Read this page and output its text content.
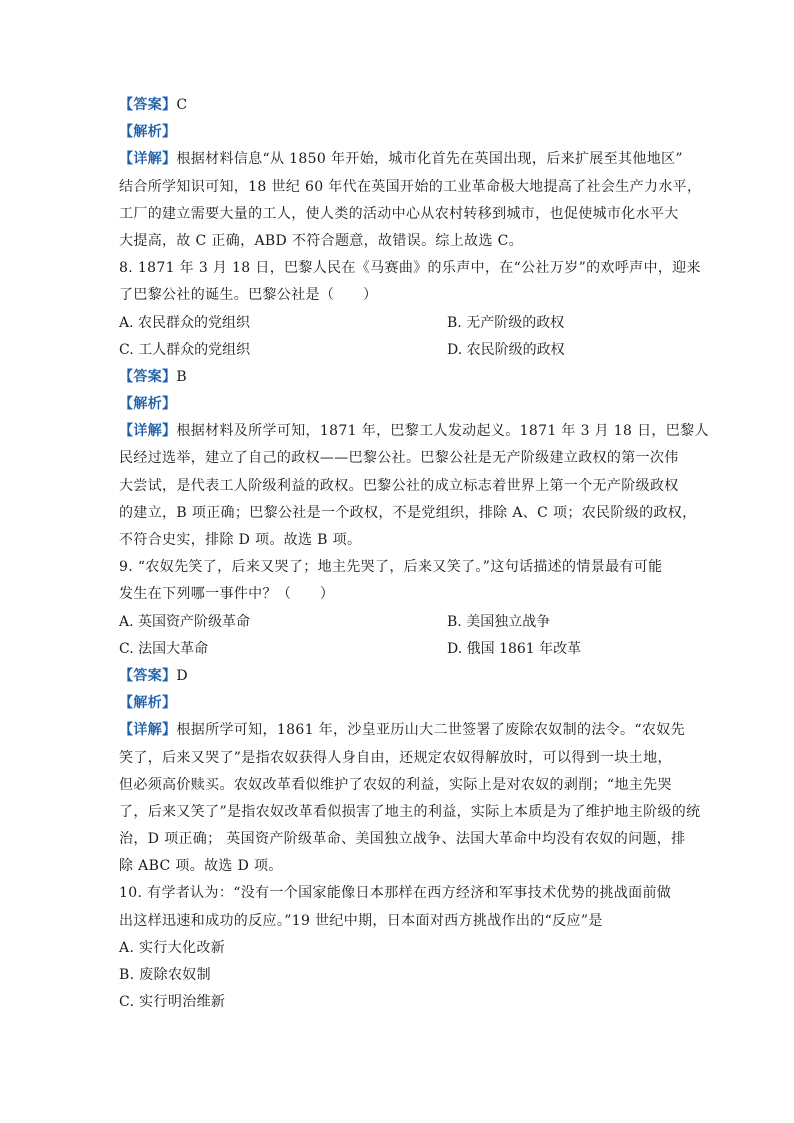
【答案】C
【解析】
【详解】根据材料信息“从 1850 年开始，城市化首先在英国出现，后来扩展至其他地区”
结合所学知识可知，18 世纪 60 年代在英国开始的工业革命极大地提高了社会生产力水平，
工厂的建立需要大量的工人，使人类的活动中心从农村转移到城市，也促使城市化水平大
大提高，故 C 正确，ABD 不符合题意，故错误。综上故选 C。
8. 1871 年 3 月 18 日，巴黎人民在《马赛曲》的乐声中，在“公社万岁”的欢呼声中，迎来
了巴黎公社的诞生。巴黎公社是（　　）
A. 农民群众的党组织	B. 无产阶级的政权
C. 工人群众的党组织	D. 农民阶级的政权
【答案】B
【解析】
【详解】根据材料及所学可知，1871 年，巴黎工人发动起义。1871 年 3 月 18 日，巴黎人
民经过选举，建立了自己的政权——巴黎公社。巴黎公社是无产阶级建立政权的第一次伟
大尝试，是代表工人阶级利益的政权。巴黎公社的成立标志着世界上第一个无产阶级政权
的建立，B 项正确；巴黎公社是一个政权，不是党组织，排除 A、C 项；农民阶级的政权，
不符合史实，排除 D 项。故选 B 项。
9. “农奴先笑了，后来又哭了；地主先哭了，后来又笑了。”这句话描述的情景最有可能
发生在下列哪一事件中？（　　）
A. 英国资产阶级革命	B. 美国独立战争
C. 法国大革命	D. 俄国 1861 年改革
【答案】D
【解析】
【详解】根据所学可知，1861 年，沙皇亚历山大二世签署了废除农奴制的法令。“农奴先
笑了，后来又哭了”是指农奴获得人身自由，还规定农奴得解放时，可以得到一块土地，
但必须高价赎买。农奴改革看似维护了农奴的利益，实际上是对农奴的剥削；“地主先哭
了，后来又笑了”是指农奴改革看似损害了地主的利益，实际上本质是为了维护地主阶级的统
治，D 项正确； 英国资产阶级革命、美国独立战争、法国大革命中均没有农奴的问题，排
除 ABC 项。故选 D 项。
10. 有学者认为：“没有一个国家能像日本那样在西方经济和军事技术优势的挑战面前做
出这样迅速和成功的反应。”19 世纪中期，日本面对西方挑战作出的“反应”是
A. 实行大化改新
B. 废除农奴制
C. 实行明治维新
